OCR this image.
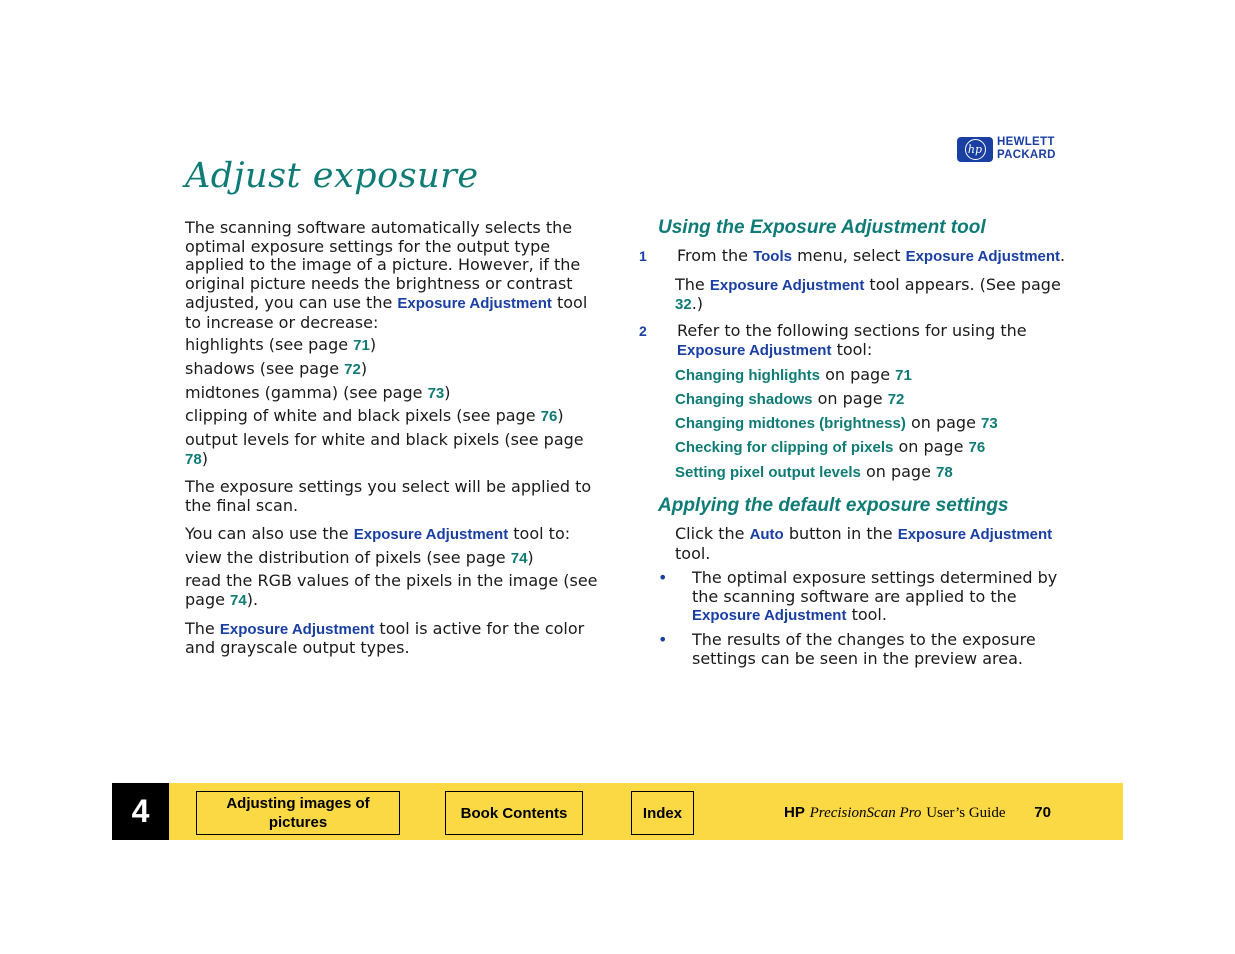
Adjust exposure
hp
HEWLETT
PACKARD

The scanning software automatically selects the optimal exposure settings for the output type applied to the image of a picture. However, if the original picture needs the brightness or contrast adjusted, you can use the Exposure Adjustment tool to increase or decrease:

highlights (see page 71)

shadows (see page 72)

midtones (gamma) (see page 73)

clipping of white and black pixels (see page 76)

output levels for white and black pixels (see page 78)

The exposure settings you select will be applied to the final scan.

You can also use the Exposure Adjustment tool to:

view the distribution of pixels (see page 74)

read the RGB values of the pixels in the image (see page 74).

The Exposure Adjustment tool is active for the color and grayscale output types.

Using the Exposure Adjustment tool

1 From the Tools menu, select Exposure Adjustment.

The Exposure Adjustment tool appears. (See page 32.)

2 Refer to the following sections for using the Exposure Adjustment tool:

Changing highlights on page 71

Changing shadows on page 72

Changing midtones (brightness) on page 73

Checking for clipping of pixels on page 76

Setting pixel output levels on page 78

Applying the default exposure settings

Click the Auto button in the Exposure Adjustment tool.

• The optimal exposure settings determined by the scanning software are applied to the Exposure Adjustment tool.

• The results of the changes to the exposure settings can be seen in the preview area.

4	Adjusting images of pictures
Book Contents	Index	HP PrecisionScan Pro User’s Guide 70
